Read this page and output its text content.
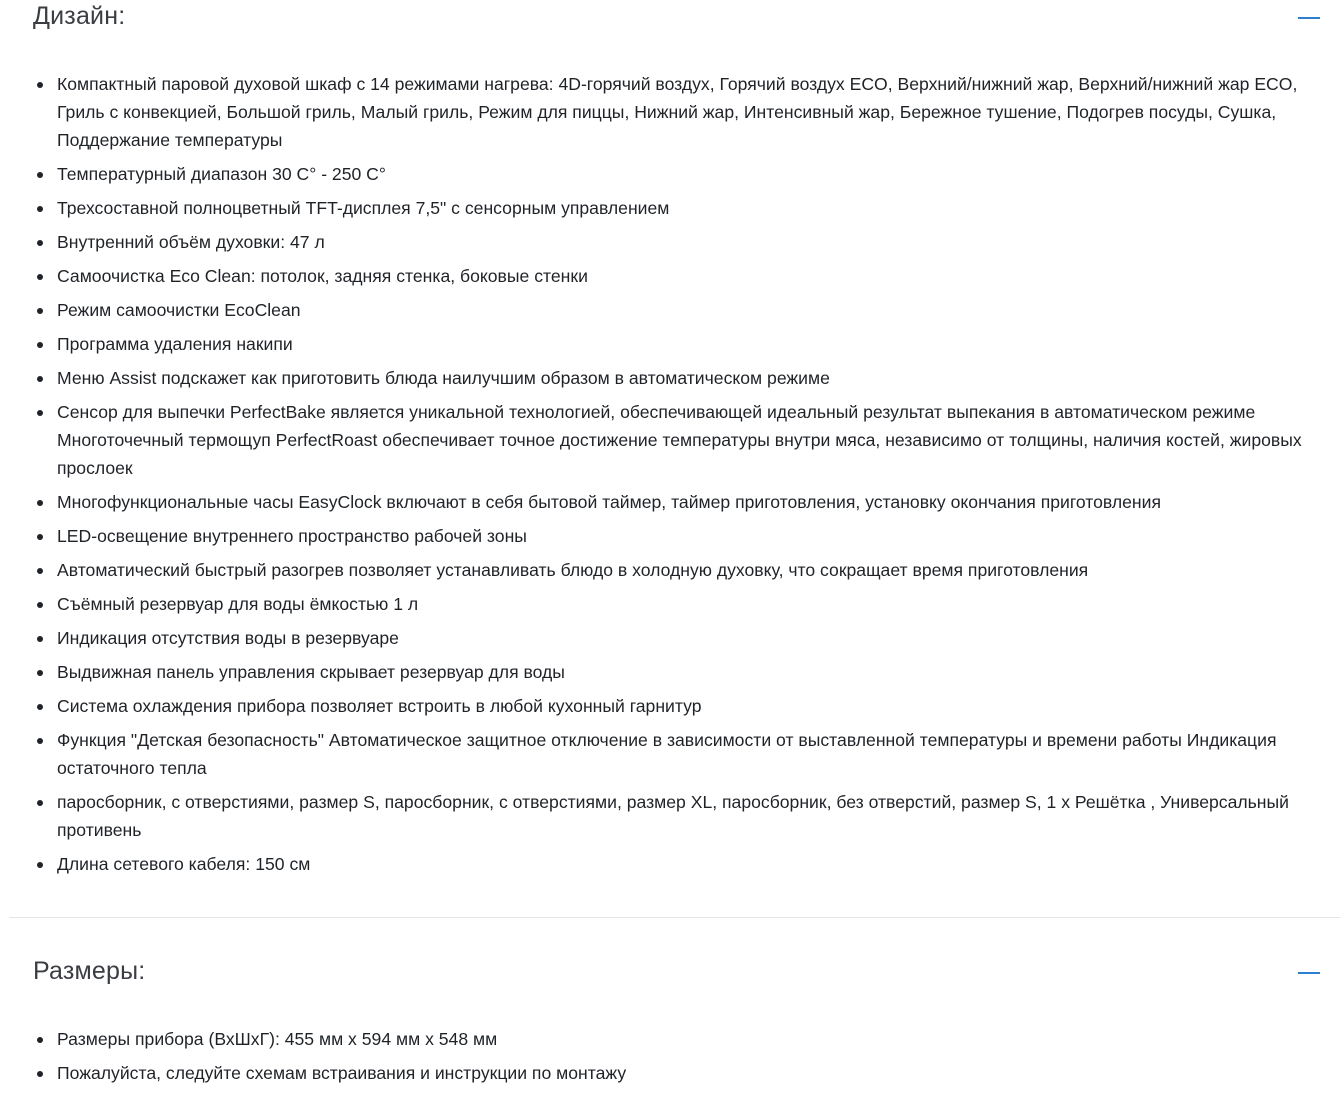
Дизайн:
Компактный паровой духовой шкаф с 14 режимами нагрева: 4D-горячий воздух, Горячий воздух ECO, Верхний/нижний жар, Верхний/нижний жар ECO, Гриль с конвекцией, Большой гриль, Малый гриль, Режим для пиццы, Нижний жар, Интенсивный жар, Бережное тушение, Подогрев посуды, Сушка, Поддержание температуры
Температурный диапазон 30 C° - 250 C°
Трехсоставной полноцветный TFT-дисплея 7,5" с сенсорным управлением
Внутренний объём духовки: 47 л
Самоочистка Eco Clean: потолок, задняя стенка, боковые стенки
Режим самоочистки EcoClean
Программа удаления накипи
Меню Assist подскажет как приготовить блюда наилучшим образом в автоматическом режиме
Сенсор для выпечки PerfectBake является уникальной технологией, обеспечивающей идеальный результат выпекания в автоматическом режиме Многоточечный термощуп PerfectRoast обеспечивает точное достижение температуры внутри мяса, независимо от толщины, наличия костей, жировых прослоек
Многофункциональные часы EasyClock включают в себя бытовой таймер, таймер приготовления, установку окончания приготовления
LED-освещение внутреннего пространство рабочей зоны
Автоматический быстрый разогрев позволяет устанавливать блюдо в холодную духовку, что сокращает время приготовления
Съёмный резервуар для воды ёмкостью 1 л
Индикация отсутствия воды в резервуаре
Выдвижная панель управления скрывает резервуар для воды
Система охлаждения прибора позволяет встроить в любой кухонный гарнитур
Функция "Детская безопасность" Автоматическое защитное отключение в зависимости от выставленной температуры и времени работы Индикация остаточного тепла
паросборник, с отверстиями, размер S, паросборник, с отверстиями, размер XL, паросборник, без отверстий, размер S, 1 x Решётка , Универсальный противень
Длина сетевого кабеля: 150 см
Размеры:
Размеры прибора (ВхШхГ): 455 мм x 594 мм x 548 мм
Пожалуйста, следуйте схемам встраивания и инструкции по монтажу
